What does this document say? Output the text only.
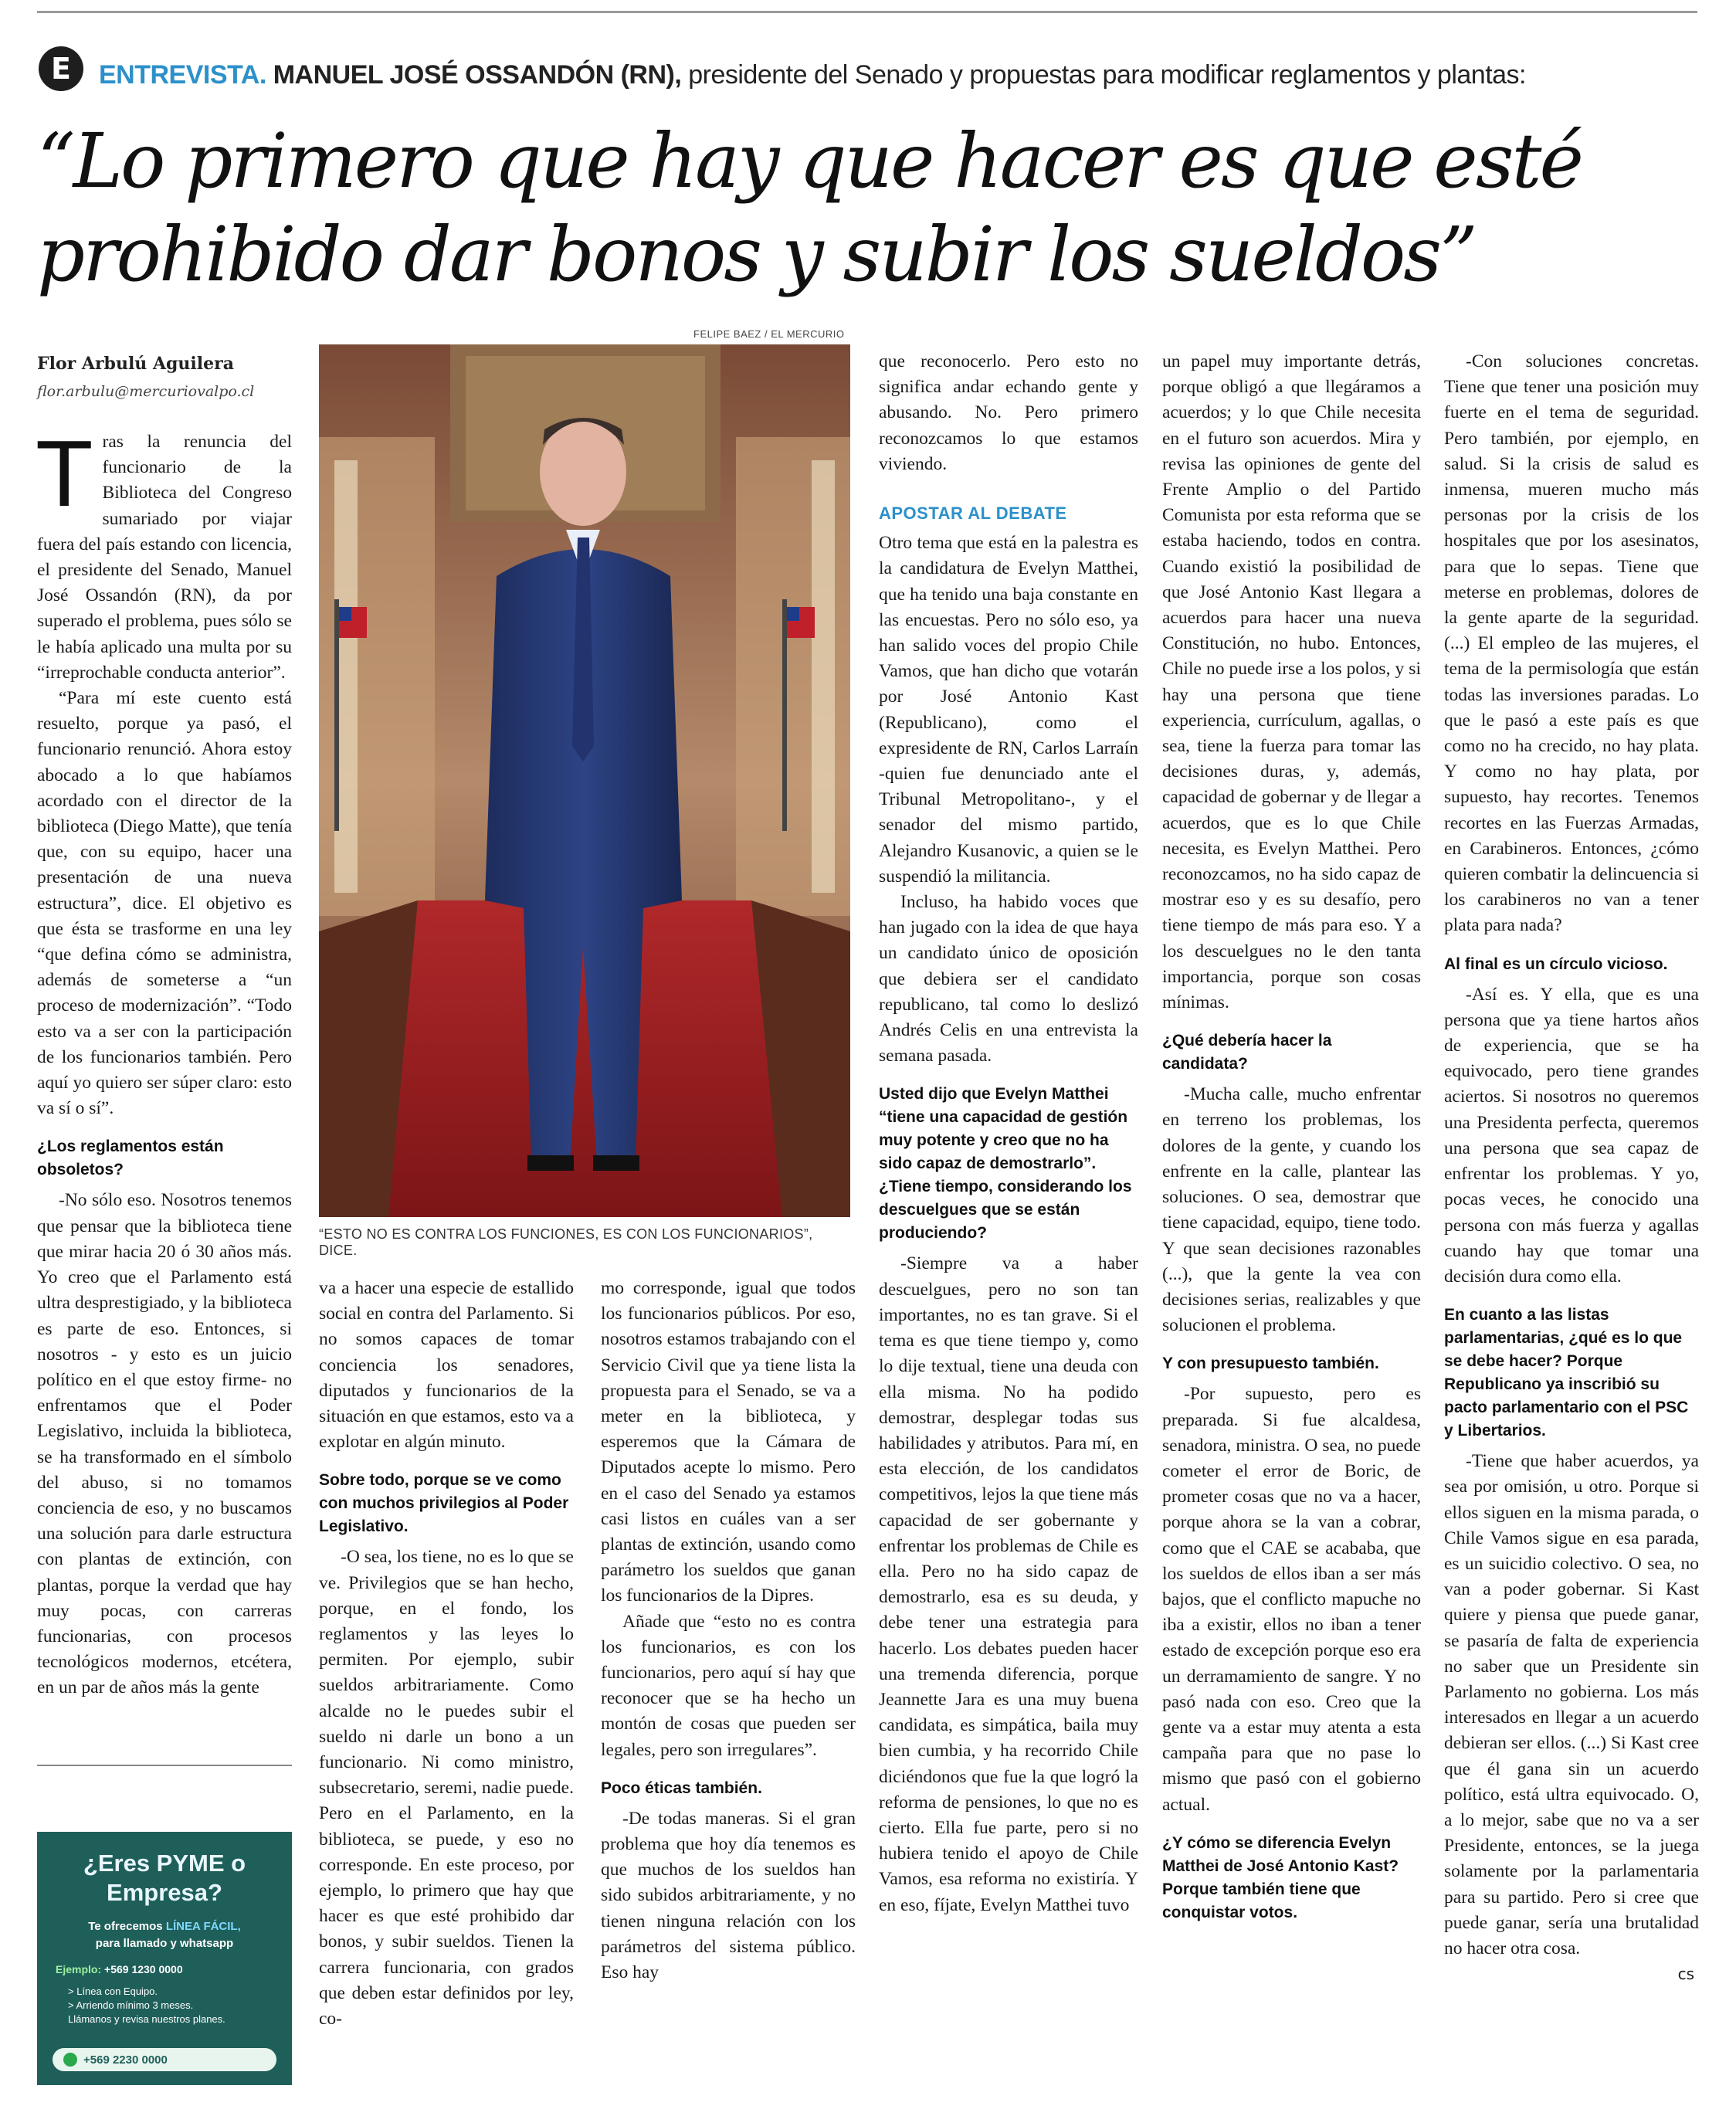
E	ENTREVISTA. MANUEL JOSÉ OSSANDÓN (RN), presidente del Senado y propuestas para modificar reglamentos y plantas:
“Lo primero que hay que hacer es que esté
prohibido dar bonos y subir los sueldos”
Flor Arbulú Aguilera
flor.arbulu@mercuriovalpo.cl
FELIPE BAEZ / EL MERCURIO
“ESTO NO ES CONTRA LOS FUNCIONES, ES CON LOS FUNCIONARIOS”, DICE.
T ras la renuncia del funcionario de la Biblioteca del Congreso sumariado por viajar fuera del país estando con licencia, el presidente del Senado, Manuel José Ossandón (RN), da por superado el problema, pues sólo se le había aplicado una multa por su “irreprochable conducta anterior”.

“Para mí este cuento está resuelto, porque ya pasó, el funcionario renunció. Ahora estoy abocado a lo que habíamos acordado con el director de la biblioteca (Diego Matte), que tenía que, con su equipo, hacer una presentación de una nueva estructura”, dice. El objetivo es que ésta se trasforme en una ley “que defina cómo se administra, además de someterse a “un proceso de modernización”. “Todo esto va a ser con la participación de los funcionarios también. Pero aquí yo quiero ser súper claro: esto va sí o sí”.

¿Los reglamentos están obsoletos?

-No sólo eso. Nosotros tenemos que pensar que la biblioteca tiene que mirar hacia 20 ó 30 años más. Yo creo que el Parlamento está ultra desprestigiado, y la biblioteca es parte de eso. Entonces, si nosotros - y esto es un juicio político en el que estoy firme- no enfrentamos que el Poder Legislativo, incluida la biblioteca, se ha transformado en el símbolo del abuso, si no tomamos conciencia de eso, y no buscamos una solución para darle estructura con plantas de extinción, con plantas, porque la verdad que hay muy pocas, con carreras funcionarias, con procesos tecnológicos modernos, etcétera, en un par de años más la gente

¿Eres PYME o
Empresa?
Te ofrecemos LÍNEA FÁCIL,
para llamado y whatsapp
Ejemplo: +569 1230 0000
> Línea con Equipo.
> Arriendo mínimo 3 meses.
Llámanos y revisa nuestros planes.
+569 2230 0000

va a hacer una especie de estallido social en contra del Parlamento. Si no somos capaces de tomar conciencia los senadores, diputados y funcionarios de la situación en que estamos, esto va a explotar en algún minuto.

Sobre todo, porque se ve como con muchos privilegios al Poder Legislativo.

-O sea, los tiene, no es lo que se ve. Privilegios que se han hecho, porque, en el fondo, los reglamentos y las leyes lo permiten. Por ejemplo, subir sueldos arbitrariamente. Como alcalde no le puedes subir el sueldo ni darle un bono a un funcionario. Ni como ministro, subsecretario, seremi, nadie puede. Pero en el Parlamento, en la biblioteca, se puede, y eso no corresponde. En este proceso, por ejemplo, lo primero que hay que hacer es que esté prohibido dar bonos, y subir sueldos. Tienen la carrera funcionaria, con grados que deben estar definidos por ley, co-

mo corresponde, igual que todos los funcionarios públicos. Por eso, nosotros estamos trabajando con el Servicio Civil que ya tiene lista la propuesta para el Senado, se va a meter en la biblioteca, y esperemos que la Cámara de Diputados acepte lo mismo. Pero en el caso del Senado ya estamos casi listos en cuáles van a ser plantas de extinción, usando como parámetro los sueldos que ganan los funcionarios de la Dipres.

Añade que “esto no es contra los funcionarios, es con los funcionarios, pero aquí sí hay que reconocer que se ha hecho un montón de cosas que pueden ser legales, pero son irregulares”.

Poco éticas también.

-De todas maneras. Si el gran problema que hoy día tenemos es que muchos de los sueldos han sido subidos arbitrariamente, y no tienen ninguna relación con los parámetros del sistema público. Eso hay

que reconocerlo. Pero esto no significa andar echando gente y abusando. No. Pero primero reconozcamos lo que estamos viviendo.

APOSTAR AL DEBATE

Otro tema que está en la palestra es la candidatura de Evelyn Matthei, que ha tenido una baja constante en las encuestas. Pero no sólo eso, ya han salido voces del propio Chile Vamos, que han dicho que votarán por José Antonio Kast (Republicano), como el expresidente de RN, Carlos Larraín -quien fue denunciado ante el Tribunal Metropolitano-, y el senador del mismo partido, Alejandro Kusanovic, a quien se le suspendió la militancia.

Incluso, ha habido voces que han jugado con la idea de que haya un candidato único de oposición que debiera ser el candidato republicano, tal como lo deslizó Andrés Celis en una entrevista la semana pasada.

Usted dijo que Evelyn Matthei “tiene una capacidad de gestión muy potente y creo que no ha sido capaz de demostrarlo”. ¿Tiene tiempo, considerando los descuelgues que se están produciendo?

-Siempre va a haber descuelgues, pero no son tan importantes, no es tan grave. Si el tema es que tiene tiempo y, como lo dije textual, tiene una deuda con ella misma. No ha podido demostrar, desplegar todas sus habilidades y atributos. Para mí, en esta elección, de los candidatos competitivos, lejos la que tiene más capacidad de ser gobernante y enfrentar los problemas de Chile es ella. Pero no ha sido capaz de demostrarlo, esa es su deuda, y debe tener una estrategia para hacerlo. Los debates pueden hacer una tremenda diferencia, porque Jeannette Jara es una muy buena candidata, es simpática, baila muy bien cumbia, y ha recorrido Chile diciéndonos que fue la que logró la reforma de pensiones, lo que no es cierto. Ella fue parte, pero si no hubiera tenido el apoyo de Chile Vamos, esa reforma no existiría. Y en eso, fíjate, Evelyn Matthei tuvo

un papel muy importante detrás, porque obligó a que llegáramos a acuerdos; y lo que Chile necesita en el futuro son acuerdos. Mira y revisa las opiniones de gente del Frente Amplio o del Partido Comunista por esta reforma que se estaba haciendo, todos en contra. Cuando existió la posibilidad de que José Antonio Kast llegara a acuerdos para hacer una nueva Constitución, no hubo. Entonces, Chile no puede irse a los polos, y si hay una persona que tiene experiencia, currículum, agallas, o sea, tiene la fuerza para tomar las decisiones duras, y, además, capacidad de gobernar y de llegar a acuerdos, que es lo que Chile necesita, es Evelyn Matthei. Pero reconozcamos, no ha sido capaz de mostrar eso y es su desafío, pero tiene tiempo de más para eso. Y a los descuelgues no le den tanta importancia, porque son cosas mínimas.

¿Qué debería hacer la candidata?

-Mucha calle, mucho enfrentar en terreno los problemas, los dolores de la gente, y cuando los enfrente en la calle, plantear las soluciones. O sea, demostrar que tiene capacidad, equipo, tiene todo. Y que sean decisiones razonables (...), que la gente la vea con decisiones serias, realizables y que solucionen el problema.

Y con presupuesto también.

-Por supuesto, pero es preparada. Si fue alcaldesa, senadora, ministra. O sea, no puede cometer el error de Boric, de prometer cosas que no va a hacer, porque ahora se la van a cobrar, como que el CAE se acababa, que los sueldos de ellos iban a ser más bajos, que el conflicto mapuche no iba a existir, ellos no iban a tener estado de excepción porque eso era un derramamiento de sangre. Y no pasó nada con eso. Creo que la gente va a estar muy atenta a esta campaña para que no pase lo mismo que pasó con el gobierno actual.

¿Y cómo se diferencia Evelyn Matthei de José Antonio Kast? Porque también tiene que conquistar votos.

-Con soluciones concretas. Tiene que tener una posición muy fuerte en el tema de seguridad. Pero también, por ejemplo, en salud. Si la crisis de salud es inmensa, mueren mucho más personas por la crisis de los hospitales que por los asesinatos, para que lo sepas. Tiene que meterse en problemas, dolores de la gente aparte de la seguridad. (...) El empleo de las mujeres, el tema de la permisología que están todas las inversiones paradas. Lo que le pasó a este país es que como no ha crecido, no hay plata. Y como no hay plata, por supuesto, hay recortes. Tenemos recortes en las Fuerzas Armadas, en Carabineros. Entonces, ¿cómo quieren combatir la delincuencia si los carabineros no van a tener plata para nada?

Al final es un círculo vicioso.

-Así es. Y ella, que es una persona que ya tiene hartos años de experiencia, que se ha equivocado, pero tiene grandes aciertos. Si nosotros no queremos una Presidenta perfecta, queremos una persona que sea capaz de enfrentar los problemas. Y yo, pocas veces, he conocido una persona con más fuerza y agallas cuando hay que tomar una decisión dura como ella.

En cuanto a las listas parlamentarias, ¿qué es lo que se debe hacer? Porque Republicano ya inscribió su pacto parlamentario con el PSC y Libertarios.

-Tiene que haber acuerdos, ya sea por omisión, u otro. Porque si ellos siguen en la misma parada, o Chile Vamos sigue en esa parada, es un suicidio colectivo. O sea, no van a poder gobernar. Si Kast quiere y piensa que puede ganar, se pasaría de falta de experiencia no saber que un Presidente sin Parlamento no gobierna. Los más interesados en llegar a un acuerdo debieran ser ellos. (...) Si Kast cree que él gana sin un acuerdo político, está ultra equivocado. O, a lo mejor, sabe que no va a ser Presidente, entonces, se la juega solamente por la parlamentaria para su partido. Pero si cree que puede ganar, sería una brutalidad no hacer otra cosa.

cs
